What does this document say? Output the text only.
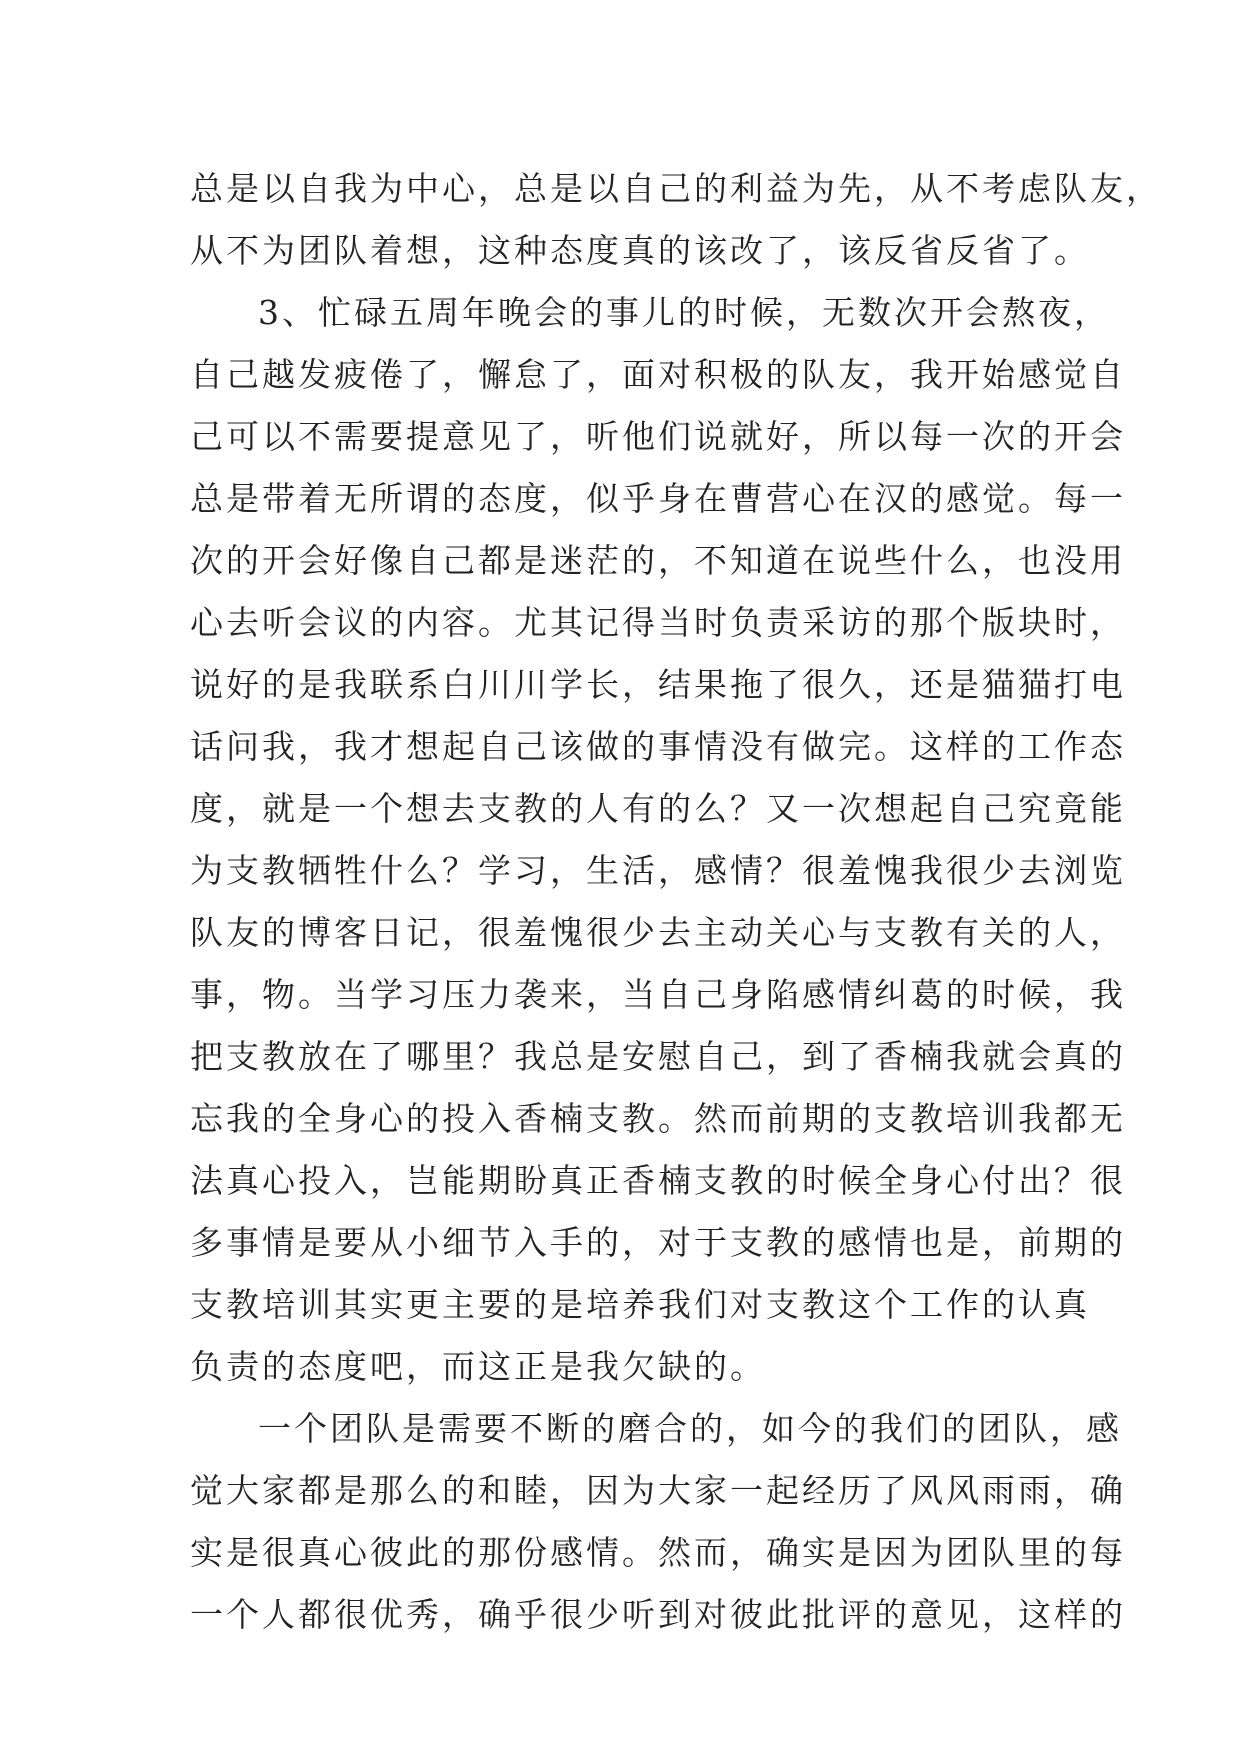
总是以自我为中心，总是以自己的利益为先，从不考虑队友，
从不为团队着想，这种态度真的该改了，该反省反省了。
3、忙碌五周年晚会的事儿的时候，无数次开会熬夜，
自己越发疲倦了，懈怠了，面对积极的队友，我开始感觉自
己可以不需要提意见了，听他们说就好，所以每一次的开会
总是带着无所谓的态度，似乎身在曹营心在汉的感觉。每一
次的开会好像自己都是迷茫的，不知道在说些什么，也没用
心去听会议的内容。尤其记得当时负责采访的那个版块时，
说好的是我联系白川川学长，结果拖了很久，还是猫猫打电
话问我，我才想起自己该做的事情没有做完。这样的工作态
度，就是一个想去支教的人有的么？又一次想起自己究竟能
为支教牺牲什么？学习，生活，感情？很羞愧我很少去浏览
队友的博客日记，很羞愧很少去主动关心与支教有关的人，
事，物。当学习压力袭来，当自己身陷感情纠葛的时候，我
把支教放在了哪里？我总是安慰自己，到了香楠我就会真的
忘我的全身心的投入香楠支教。然而前期的支教培训我都无
法真心投入，岂能期盼真正香楠支教的时候全身心付出？很
多事情是要从小细节入手的，对于支教的感情也是，前期的
支教培训其实更主要的是培养我们对支教这个工作的认真
负责的态度吧，而这正是我欠缺的。
一个团队是需要不断的磨合的，如今的我们的团队，感
觉大家都是那么的和睦，因为大家一起经历了风风雨雨，确
实是很真心彼此的那份感情。然而，确实是因为团队里的每
一个人都很优秀，确乎很少听到对彼此批评的意见，这样的
